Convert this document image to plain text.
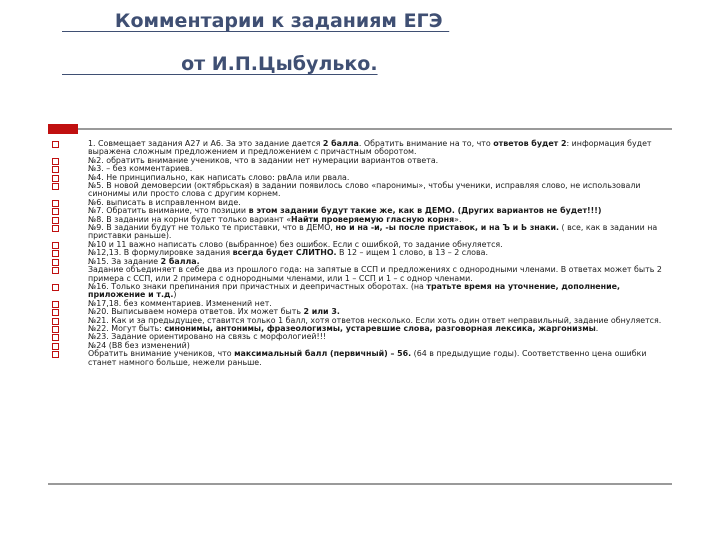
Комментарии к заданиям ЕГЭ
от И.П.Цыбулько.
1. Совмещает задания А27 и А6. За это задание дается 2 балла. Обратить внимание на то, что ответов будет 2: информация будет выражена сложным предложением и предложением с причастным оборотом.
№2. обратить внимание учеников, что в задании нет нумерации вариантов ответа.
№3. – без комментариев.
№4. Не принципиально, как написать слово: рвАла или рвала.
№5. В новой демоверсии (октябрьская) в задании появилось слово «паронимы», чтобы ученики, исправляя слово, не использовали синонимы или просто слова с другим корнем.
№6. выписать в исправленном виде.
№7. Обратить внимание, что позиции в этом задании будут такие же, как в ДЕМО. (Других вариантов не будет!!!)
№8. В задании на корни будет только вариант «Найти проверяемую гласную корня».
№9. В задании будут не только те приставки, что в ДЕМО, но и на -и, -ы после приставок, и на Ъ и Ь знаки. ( все, как в задании на приставки раньше).
№10 и 11 важно написать слово (выбранное) без ошибок. Если с ошибкой, то задание обнуляется.
№12,13. В формулировке задания всегда будет СЛИТНО. В 12 – ищем 1 слово, в 13 – 2 слова.
№15. За задание 2 балла.
Задание объединяет в себе два из прошлого года: на запятые в ССП и предложениях с однородными членами. В ответах может быть 2 примера с ССП, или 2 примера с однородными членами, или 1 – ССП и 1 – с однор членами.
№16. Только знаки препинания при причастных и деепричастных оборотах. (на тратьте время на уточнение, дополнение, приложение и т.д.)
№17,18. без комментариев. Изменений нет.
№20. Выписываем номера ответов. Их может быть 2 или 3.
№21. Как и за предыдущее, ставится только 1 балл, хотя ответов несколько. Если хоть один ответ неправильный, задание обнуляется.
№22. Могут быть: синонимы, антонимы, фразеологизмы, устаревшие слова, разговорная лексика, жаргонизмы.
№23. Задание ориентировано на связь с морфологией!!!
№24 (В8 без изменений)
Обратить внимание учеников, что максимальный балл (первичный) – 56. (64 в предыдущие годы). Соответственно цена ошибки станет намного больше, нежели раньше.
